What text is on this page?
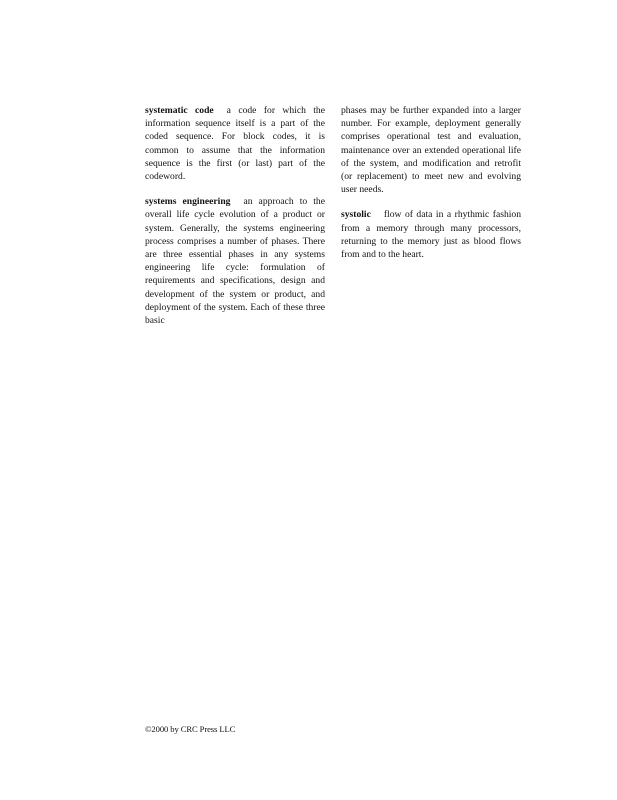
systematic code a code for which the information sequence itself is a part of the coded sequence. For block codes, it is common to assume that the information sequence is the first (or last) part of the codeword.

systems engineering an approach to the overall life cycle evolution of a product or system. Generally, the systems engineering process comprises a number of phases. There are three essential phases in any systems engineering life cycle: formulation of requirements and specifications, design and development of the system or product, and deployment of the system. Each of these three basic

phases may be further expanded into a larger number. For example, deployment generally comprises operational test and evaluation, maintenance over an extended operational life of the system, and modification and retrofit (or replacement) to meet new and evolving user needs.

systolic flow of data in a rhythmic fashion from a memory through many processors, returning to the memory just as blood flows from and to the heart.

©2000 by CRC Press LLC
